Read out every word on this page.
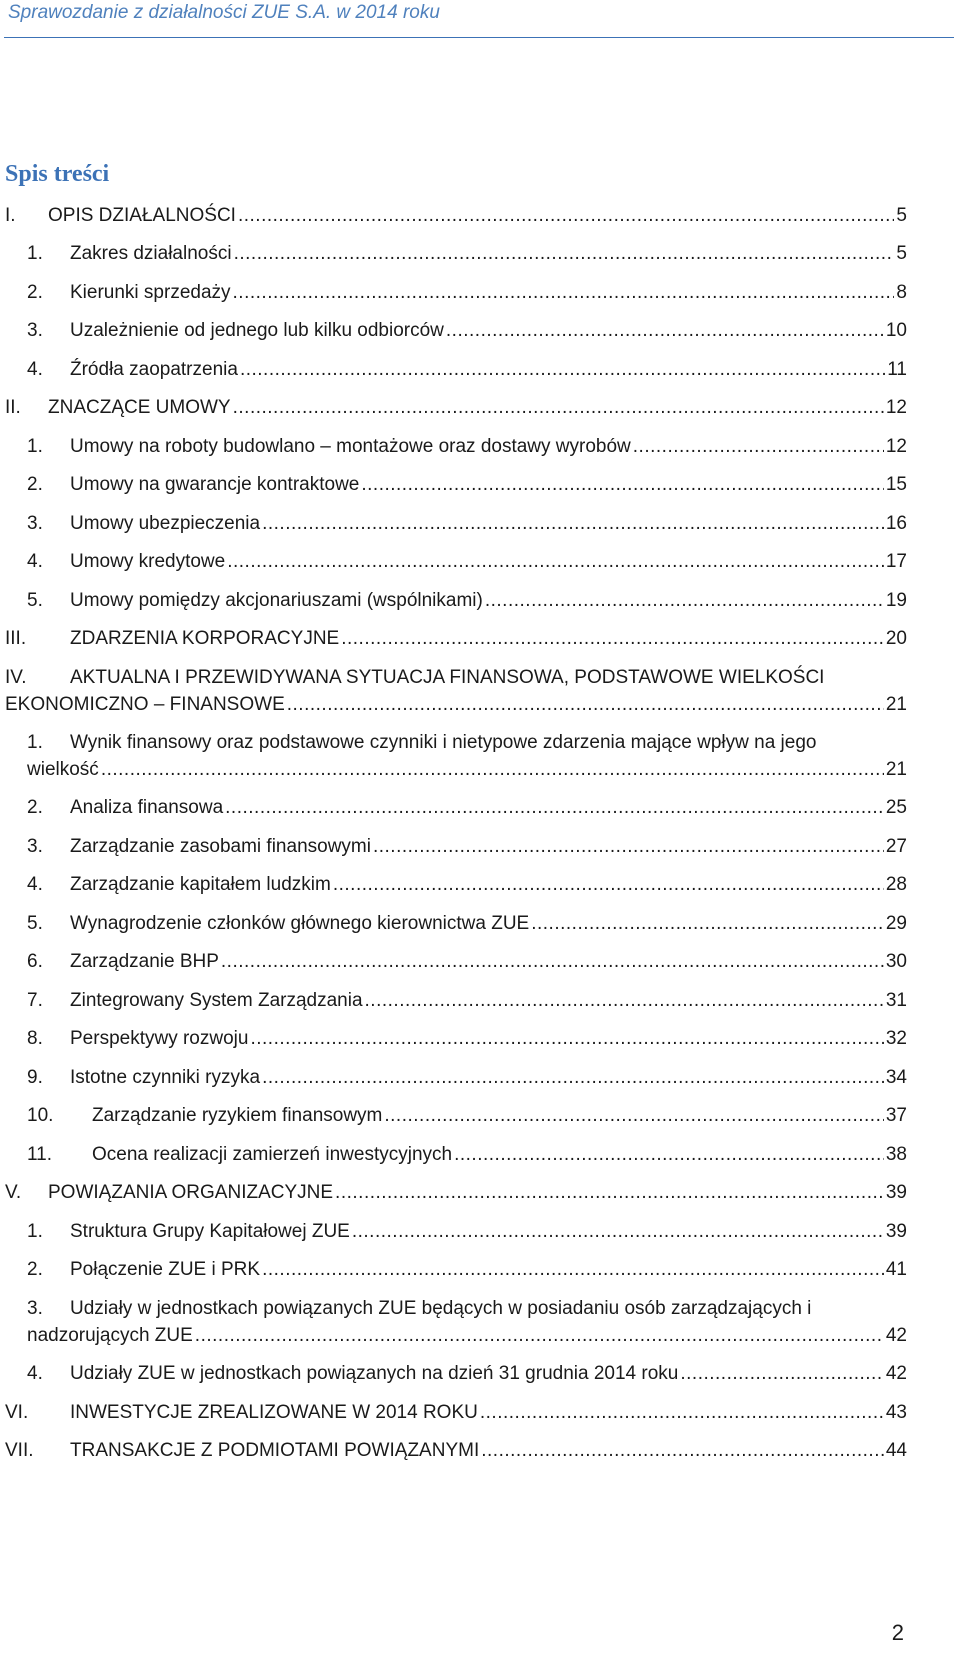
Sprawozdanie z działalności ZUE S.A. w 2014 roku
Spis treści
I.	OPIS DZIAŁALNOŚCI .....	5
1.	Zakres działalności .....	5
2.	Kierunki sprzedaży .....	8
3.	Uzależnienie od jednego lub kilku odbiorców .....	10
4.	Źródła zaopatrzenia .....	11
II.	ZNACZĄCE UMOWY .....	12
1.	Umowy na roboty budowlano – montażowe oraz dostawy wyrobów .....	12
2.	Umowy na gwarancje kontraktowe .....	15
3.	Umowy ubezpieczenia .....	16
4.	Umowy kredytowe .....	17
5.	Umowy pomiędzy akcjonariuszami (wspólnikami) .....	19
III.	ZDARZENIA KORPORACYJNE .....	20
IV.	AKTUALNA I PRZEWIDYWANA SYTUACJA FINANSOWA, PODSTAWOWE WIELKOŚCI
EKONOMICZNO – FINANSOWE .....	21
1.	Wynik finansowy oraz podstawowe czynniki i nietypowe zdarzenia mające wpływ na jego
wielkość .....	21
2.	Analiza finansowa .....	25
3.	Zarządzanie zasobami finansowymi .....	27
4.	Zarządzanie kapitałem ludzkim .....	28
5.	Wynagrodzenie członków głównego kierownictwa ZUE .....	29
6.	Zarządzanie BHP .....	30
7.	Zintegrowany System Zarządzania .....	31
8.	Perspektywy rozwoju .....	32
9.	Istotne czynniki ryzyka .....	34
10.	Zarządzanie ryzykiem finansowym .....	37
11.	Ocena realizacji zamierzeń inwestycyjnych .....	38
V.	POWIĄZANIA ORGANIZACYJNE .....	39
1.	Struktura Grupy Kapitałowej ZUE .....	39
2.	Połączenie ZUE i PRK .....	41
3.	Udziały w jednostkach powiązanych ZUE będących w posiadaniu osób zarządzających i
nadzorujących ZUE .....	42
4.	Udziały ZUE w jednostkach powiązanych na dzień 31 grudnia 2014 roku .....	42
VI.	INWESTYCJE ZREALIZOWANE W 2014 ROKU .....	43
VII.	TRANSAKCJE Z PODMIOTAMI POWIĄZANYMI .....	44
2
